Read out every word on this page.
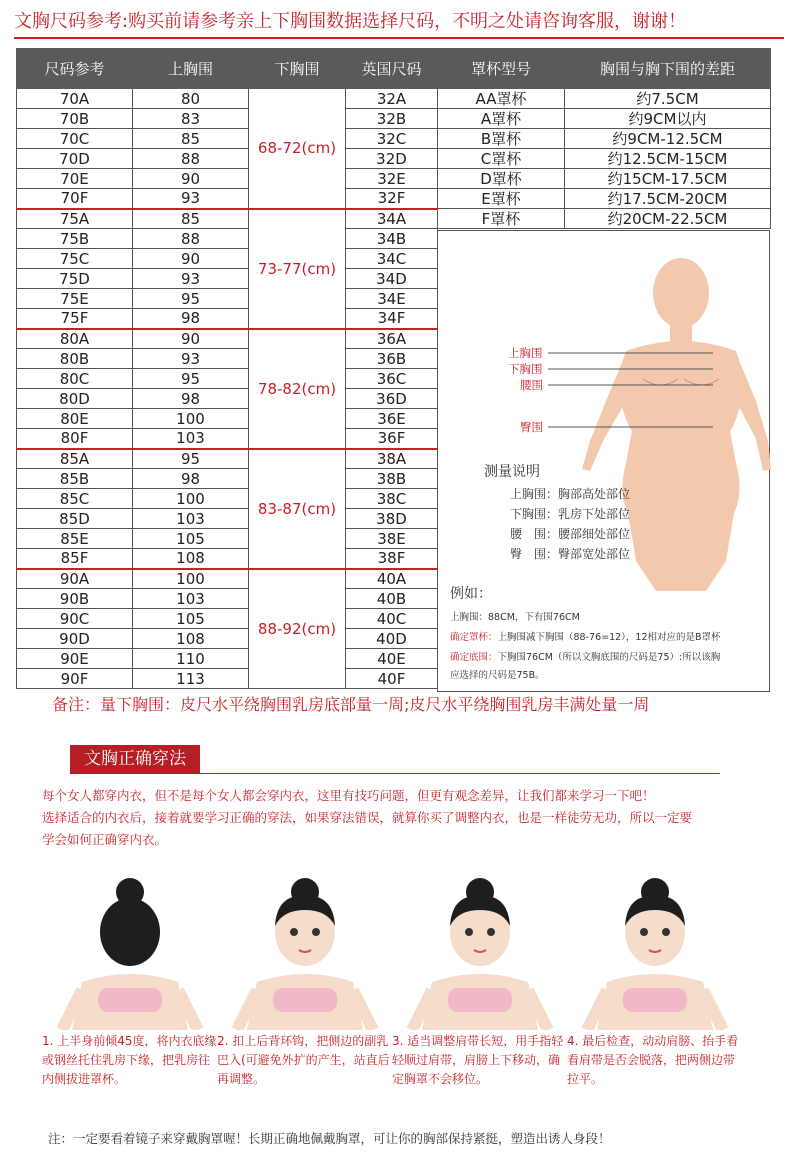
文胸尺码参考:购买前请参考亲上下胸围数据选择尺码，不明之处请咨询客服，谢谢！
尺码参考	上胸围	下胸围	英国尺码	罩杯型号	胸围与胸下围的差距
70A	80	68-72(cm)	32A	AA罩杯	约7.5CM
70B	83		32B	A罩杯	约9CM以内
70C	85		32C	B罩杯	约9CM-12.5CM
70D	88		32D	C罩杯	约12.5CM-15CM
70E	90		32E	D罩杯	约15CM-17.5CM
70F	93		32F	E罩杯	约17.5CM-20CM
75A	85	73-77(cm)	34A	F罩杯	约20CM-22.5CM
75B	88		34B		
75C	90		34C		
75D	93		34D		
75E	95		34E		
75F	98		34F		
80A	90	78-82(cm)	36A		
80B	93		36B		
80C	95		36C		
80D	98		36D		
80E	100		36E		
80F	103		36F		
85A	95	83-87(cm)	38A		
85B	98		38B		
85C	100		38C		
85D	103		38D		
85E	105		38E		
85F	108		38F		
90A	100	88-92(cm)	40A		
90B	103		40B		
90C	105		40C		
90D	108		40D		
90E	110		40E		
90F	113		40F		
上胸围
下胸围
腰围
臀围
测量说明
上胸围：胸部高处部位
下胸围：乳房下处部位
腰　围：腰部细处部位
臀　围：臀部宽处部位
例如：
上胸围：88CM，下有围76CM
确定罩杯：上胸围减下胸围（88-76=12），12相对应的是B罩杯
确定底围：下胸围76CM（所以文胸底围的尺码是75）:所以该胸
应选择的尺码是75B。
备注：量下胸围：皮尺水平绕胸围乳房底部量一周;皮尺水平绕胸围乳房丰满处量一周
文胸正确穿法
每个女人都穿内衣，但不是每个女人都会穿内衣，这里有技巧问题，但更有观念差异，让我们都来学习一下吧！
选择适合的内衣后，接着就要学习正确的穿法，如果穿法错误，就算你买了调整内衣，也是一样徒劳无功，所以一定要
学会如何正确穿内衣。
1. 上半身前倾45度，将内衣底缘或钢丝托住乳房下缘，把乳房往内侧拔进罩杯。
2. 扣上后背环钩，把侧边的副乳巴入(可避免外扩的产生，站直后再调整。
3. 适当调整肩带长短，用手指轻轻顺过肩带，肩膀上下移动，确定胸罩不会移位。
4. 最后检查，动动肩膀、抬手看看肩带是否会脱落，把两侧边带拉平。
注：一定要看着镜子来穿戴胸罩喔！长期正确地佩戴胸罩，可让你的胸部保持紧挺，塑造出诱人身段！
